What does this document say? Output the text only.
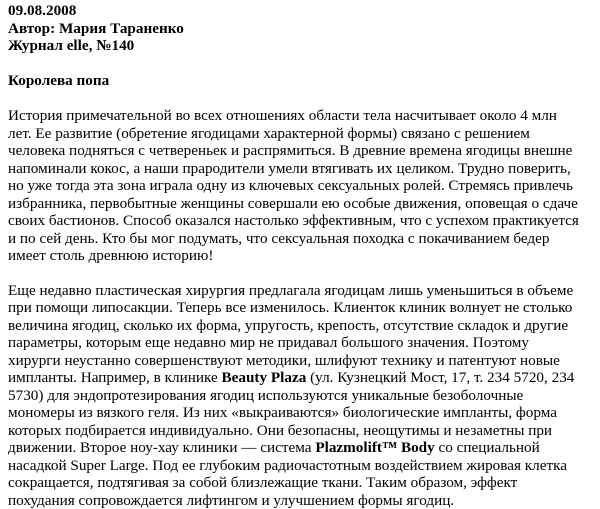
09.08.2008
Автор: Мария Тараненко
Журнал elle, №140
Королева попа

История примечательной во всех отношениях области тела насчитывает около 4 млн лет. Ее развитие (обретение ягодицами характерной формы) связано с решением человека подняться с четвереньек и распрямиться. В древние времена ягодицы внешне напоминали кокос, а наши прародители умели втягивать их целиком. Трудно поверить, но уже тогда эта зона играла одну из ключевых сексуальных ролей. Стремясь привлечь избранника, первобытные женщины совершали ею особые движения, оповещая о сдаче своих бастионов. Способ оказался настолько эффективным, что с успехом практикуется и по сей день. Кто бы мог подумать, что сексуальная походка с покачиванием бедер имеет столь древнюю историю!

Еще недавно пластическая хирургия предлагала ягодицам лишь уменьшиться в объеме при помощи липосакции. Теперь все изменилось. Клиенток клиник волнует не столько величина ягодиц, сколько их форма, упругость, крепость, отсутствие складок и другие параметры, которым еще недавно мир не придавал большого значения. Поэтому хирурги неустанно совершенствуют методики, шлифуют технику и патентуют новые импланты. Например, в клинике Beauty Plaza (ул. Кузнецкий Мост, 17, т. 234 5720, 234 5730) для эндопротезирования ягодиц используются уникальные безоболочные мономеры из вязкого геля. Из них «выкраиваются» биологические импланты, форма которых подбирается индивидуально. Они безопасны, неощутимы и незаметны при движении. Второе ноу-хау клиники — система Plazmolift™ Body со специальной насадкой Super Large. Под ее глубоким радиочастотным воздействием жировая клетка сокращается, подтягивая за собой близлежащие ткани. Таким образом, эффект похудания сопровождается лифтингом и улучшением формы ягодиц.
